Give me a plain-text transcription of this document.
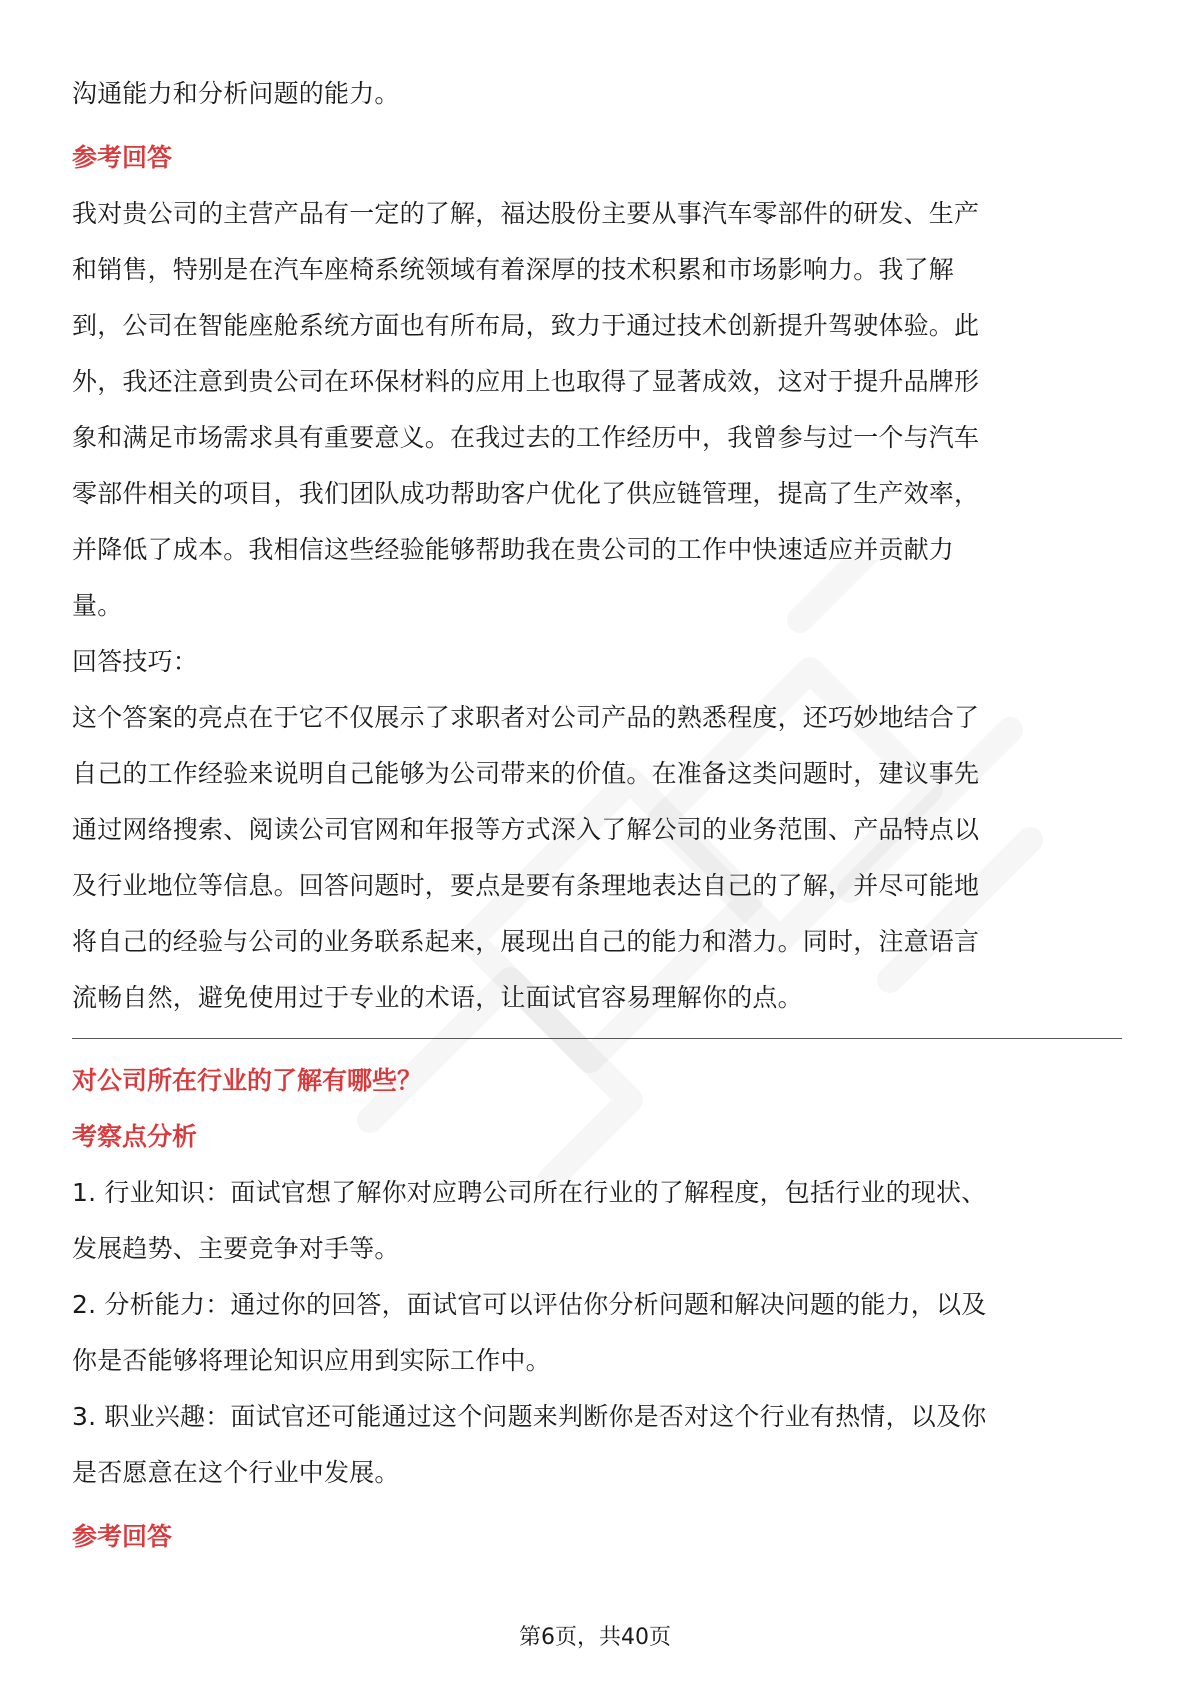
沟通能力和分析问题的能力。

参考回答

我对贵公司的主营产品有一定的了解，福达股份主要从事汽车零部件的研发、生产

和销售，特别是在汽车座椅系统领域有着深厚的技术积累和市场影响力。我了解

到，公司在智能座舱系统方面也有所布局，致力于通过技术创新提升驾驶体验。此

外，我还注意到贵公司在环保材料的应用上也取得了显著成效，这对于提升品牌形

象和满足市场需求具有重要意义。在我过去的工作经历中，我曾参与过一个与汽车

零部件相关的项目，我们团队成功帮助客户优化了供应链管理，提高了生产效率，

并降低了成本。我相信这些经验能够帮助我在贵公司的工作中快速适应并贡献力

量。

回答技巧：

这个答案的亮点在于它不仅展示了求职者对公司产品的熟悉程度，还巧妙地结合了

自己的工作经验来说明自己能够为公司带来的价值。在准备这类问题时，建议事先

通过网络搜索、阅读公司官网和年报等方式深入了解公司的业务范围、产品特点以

及行业地位等信息。回答问题时，要点是要有条理地表达自己的了解，并尽可能地

将自己的经验与公司的业务联系起来，展现出自己的能力和潜力。同时，注意语言

流畅自然，避免使用过于专业的术语，让面试官容易理解你的点。

对公司所在行业的了解有哪些？
考察点分析

1. 行业知识：面试官想了解你对应聘公司所在行业的了解程度，包括行业的现状、

发展趋势、主要竞争对手等。

2. 分析能力：通过你的回答，面试官可以评估你分析问题和解决问题的能力，以及

你是否能够将理论知识应用到实际工作中。

3. 职业兴趣：面试官还可能通过这个问题来判断你是否对这个行业有热情，以及你

是否愿意在这个行业中发展。

参考回答
第6页，共40页
